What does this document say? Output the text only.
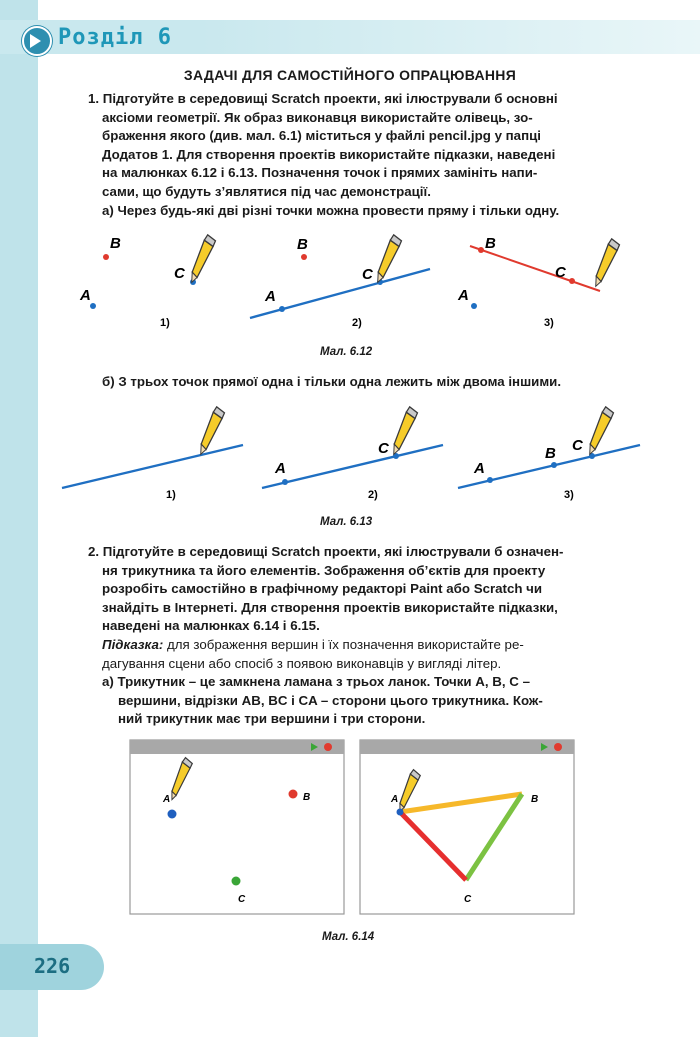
Розділ 6
ЗАДАЧІ ДЛЯ САМОСТІЙНОГО ОПРАЦЮВАННЯ
1. Підготуйте в середовищі Scratch проекти, які ілюстрували б основні
аксіоми геометрії. Як образ виконавця використайте олівець, зо-
браження якого (див. мал. 6.1) міститься у файлі pencil.jpg у папці
Додатов 1. Для створення проектів використайте підказки, наведені
на малюнках 6.12 і 6.13. Позначення точок і прямих замініть напи-
сами, що будуть з’являтися під час демонстрації.
а) Через будь-які дві різні точки можна провести пряму і тільки одну.
B
C
A
1)
A
C
B
2)
B
C
A
3)
Мал. 6.12
б) З трьох точок прямої одна і тільки одна лежить між двома іншими.
1)
A
C
2)
A
B C
3)
Мал. 6.13
2. Підготуйте в середовищі Scratch проекти, які ілюстрували б означен-
ня трикутника та його елементів. Зображення об’єктів для проекту
розробіть самостійно в графічному редакторі Paint або Scratch чи
знайдіть в Інтернеті. Для створення проектів використайте підказки,
наведені на малюнках 6.14 і 6.15.
Підказка: для зображення вершин і їх позначення використайте ре-
дагування сцени або спосіб з появою виконавців у вигляді літер.
а) Трикутник – це замкнена ламана з трьох ланок. Точки A, B, C –
вершини, відрізки AB, BC і CA – сторони цього трикутника. Кож-
ний трикутник має три вершини і три сторони.
A	B
C
A	B
C
Мал. 6.14
226
